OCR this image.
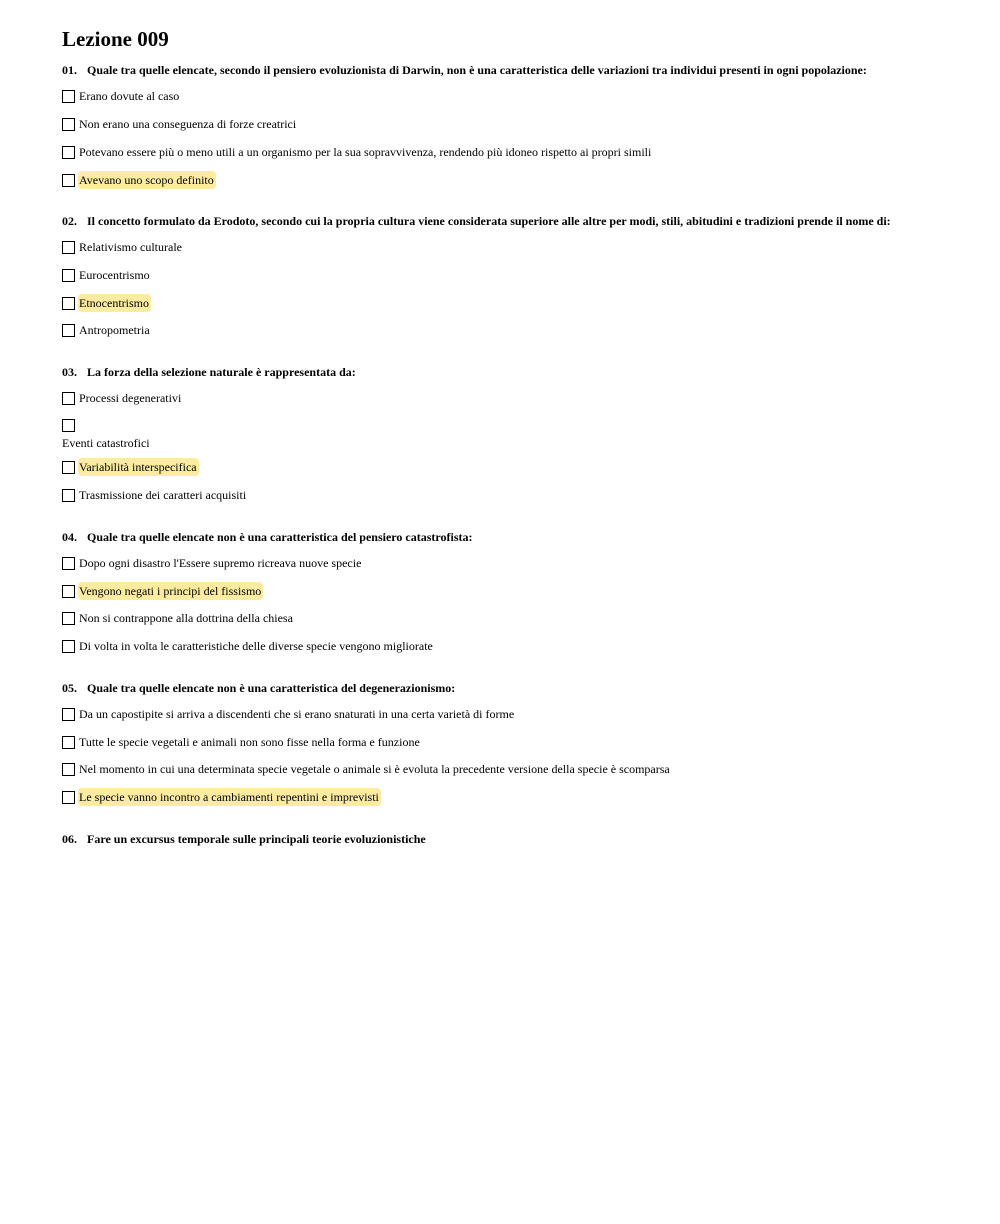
Lezione 009
01. Quale tra quelle elencate, secondo il pensiero evoluzionista di Darwin, non è una caratteristica delle variazioni tra individui presenti in ogni popolazione:
Erano dovute al caso
Non erano una conseguenza di forze creatrici
Potevano essere più o meno utili a un organismo per la sua sopravvivenza, rendendo più idoneo rispetto ai propri simili
Avevano uno scopo definito
02. Il concetto formulato da Erodoto, secondo cui la propria cultura viene considerata superiore alle altre per modi, stili, abitudini e tradizioni prende il nome di:
Relativismo culturale
Eurocentrismo
Etnocentrismo
Antropometria
03. La forza della selezione naturale è rappresentata da:
Processi degenerativi
Eventi catastrofici
Variabilità interspecifica
Trasmissione dei caratteri acquisiti
04. Quale tra quelle elencate non è una caratteristica del pensiero catastrofista:
Dopo ogni disastro l'Essere supremo ricreava nuove specie
Vengono negati i principi del fissismo
Non si contrappone alla dottrina della chiesa
Di volta in volta le caratteristiche delle diverse specie vengono migliorate
05. Quale tra quelle elencate non è una caratteristica del degenerazionismo:
Da un capostipite si arriva a discendenti che si erano snaturati in una certa varietà di forme
Tutte le specie vegetali e animali non sono fisse nella forma e funzione
Nel momento in cui una determinata specie vegetale o animale si è evoluta la precedente versione della specie è scomparsa
Le specie vanno incontro a cambiamenti repentini e imprevisti
06. Fare un excursus temporale sulle principali teorie evoluzionistiche
